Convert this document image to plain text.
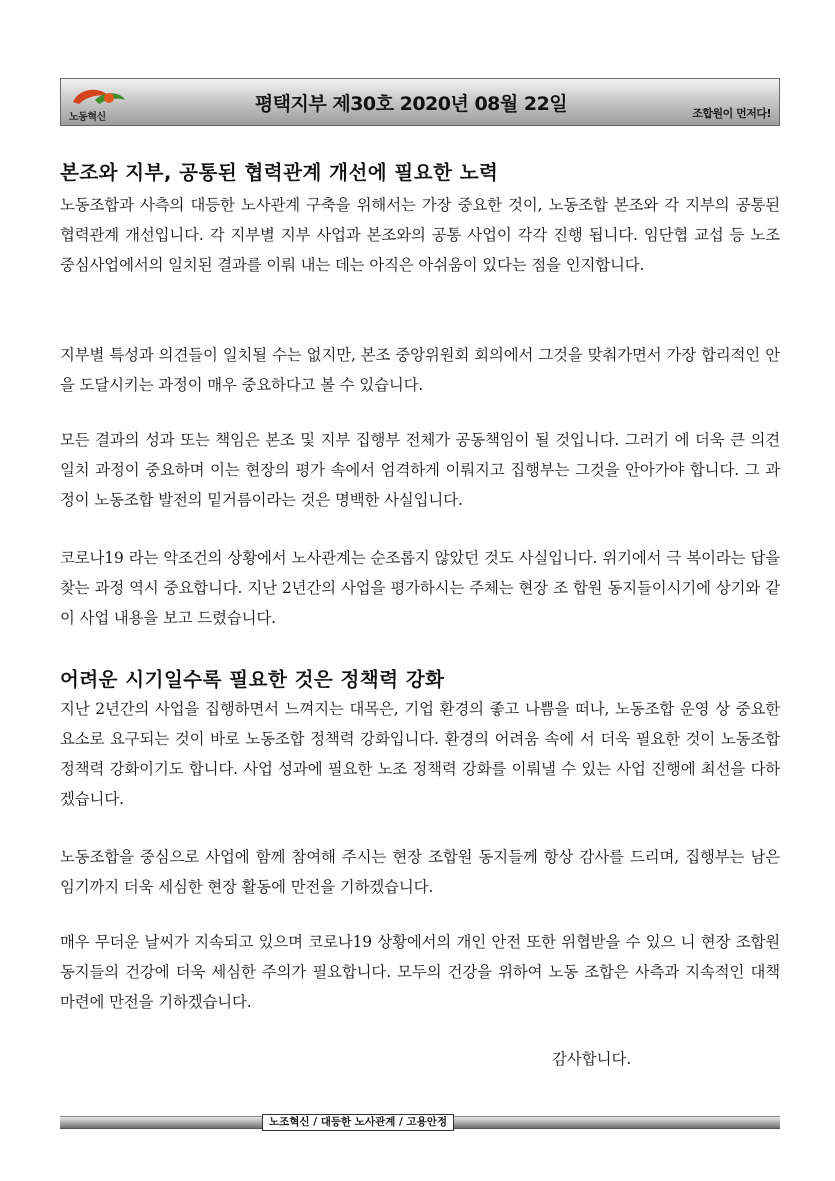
노동혁신
평택지부 제30호 2020년 08월 22일	조합원이 먼저다!
본조와 지부, 공통된 협력관계 개선에 필요한 노력

노동조합과 사측의 대등한 노사관계 구축을 위해서는 가장 중요한 것이, 노동조합 본조와 각 지부의 공통된 협력관계 개선입니다. 각 지부별 지부 사업과 본조와의 공통 사업이 각각 진행 됩니다. 임단협 교섭 등 노조 중심사업에서의 일치된 결과를 이뤄 내는 데는 아직은 아쉬움이 있다는 점을 인지합니다.

지부별 특성과 의견들이 일치될 수는 없지만, 본조 중앙위원회 회의에서 그것을 맞춰가면서 가장 합리적인 안을 도달시키는 과정이 매우 중요하다고 볼 수 있습니다.

모든 결과의 성과 또는 책임은 본조 및 지부 집행부 전체가 공동책임이 될 것입니다. 그러기 에 더욱 큰 의견일치 과정이 중요하며 이는 현장의 평가 속에서 엄격하게 이뤄지고 집행부는 그것을 안아가야 합니다. 그 과정이 노동조합 발전의 밑거름이라는 것은 명백한 사실입니다.

코로나19 라는 악조건의 상황에서 노사관계는 순조롭지 않았던 것도 사실입니다. 위기에서 극 복이라는 답을 찾는 과정 역시 중요합니다. 지난 2년간의 사업을 평가하시는 주체는 현장 조 합원 동지들이시기에 상기와 같이 사업 내용을 보고 드렸습니다.

어려운 시기일수록 필요한 것은 정책력 강화

지난 2년간의 사업을 집행하면서 느껴지는 대목은, 기업 환경의 좋고 나쁨을 떠나, 노동조합 운영 상 중요한 요소로 요구되는 것이 바로 노동조합 정책력 강화입니다. 환경의 어려움 속에 서 더욱 필요한 것이 노동조합 정책력 강화이기도 합니다. 사업 성과에 필요한 노조 정책력 강화를 이뤄낼 수 있는 사업 진행에 최선을 다하겠습니다.

노동조합을 중심으로 사업에 함께 참여해 주시는 현장 조합원 동지들께 항상 감사를 드리며, 집행부는 남은 임기까지 더욱 세심한 현장 활동에 만전을 기하겠습니다.

매우 무더운 날씨가 지속되고 있으며 코로나19 상황에서의 개인 안전 또한 위협받을 수 있으 니 현장 조합원 동지들의 건강에 더욱 세심한 주의가 필요합니다. 모두의 건강을 위하여 노동 조합은 사측과 지속적인 대책 마련에 만전을 기하겠습니다.

감사합니다.
노조혁신 / 대등한 노사관계 / 고용안정
